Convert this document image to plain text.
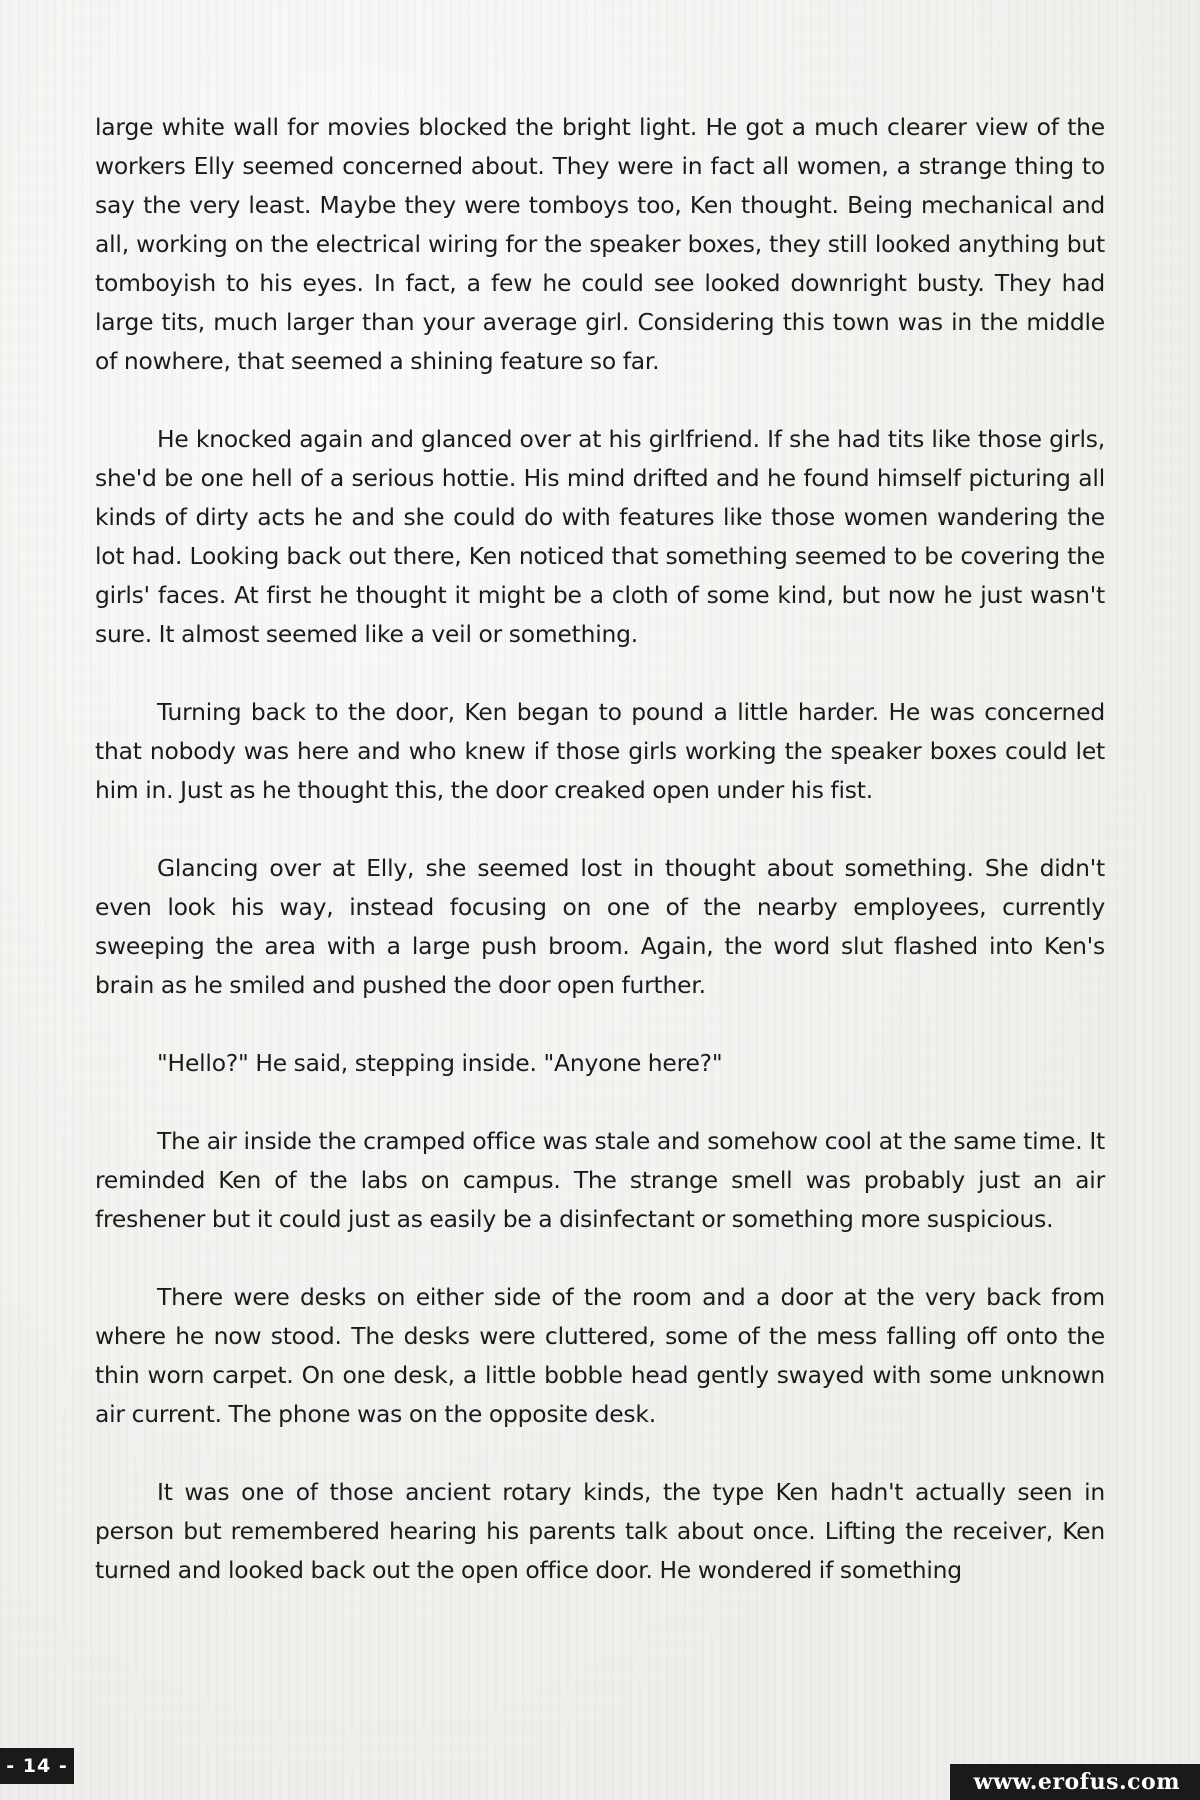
large white wall for movies blocked the bright light. He got a much clearer view of the workers Elly seemed concerned about. They were in fact all women, a strange thing to say the very least. Maybe they were tomboys too, Ken thought. Being mechanical and all, working on the electrical wiring for the speaker boxes, they still looked anything but tomboyish to his eyes. In fact, a few he could see looked downright busty. They had large tits, much larger than your average girl. Considering this town was in the middle of nowhere, that seemed a shining feature so far.

He knocked again and glanced over at his girlfriend. If she had tits like those girls, she'd be one hell of a serious hottie. His mind drifted and he found himself picturing all kinds of dirty acts he and she could do with features like those women wandering the lot had. Looking back out there, Ken noticed that something seemed to be covering the girls' faces. At first he thought it might be a cloth of some kind, but now he just wasn't sure. It almost seemed like a veil or something.

Turning back to the door, Ken began to pound a little harder. He was concerned that nobody was here and who knew if those girls working the speaker boxes could let him in. Just as he thought this, the door creaked open under his fist.

Glancing over at Elly, she seemed lost in thought about something. She didn't even look his way, instead focusing on one of the nearby employees, currently sweeping the area with a large push broom. Again, the word slut flashed into Ken's brain as he smiled and pushed the door open further.

"Hello?" He said, stepping inside. "Anyone here?"

The air inside the cramped office was stale and somehow cool at the same time. It reminded Ken of the labs on campus. The strange smell was probably just an air freshener but it could just as easily be a disinfectant or something more suspicious.

There were desks on either side of the room and a door at the very back from where he now stood. The desks were cluttered, some of the mess falling off onto the thin worn carpet. On one desk, a little bobble head gently swayed with some unknown air current. The phone was on the opposite desk.

It was one of those ancient rotary kinds, the type Ken hadn't actually seen in person but remembered hearing his parents talk about once. Lifting the receiver, Ken turned and looked back out the open office door. He wondered if something

- 14 -
www.erofus.com
